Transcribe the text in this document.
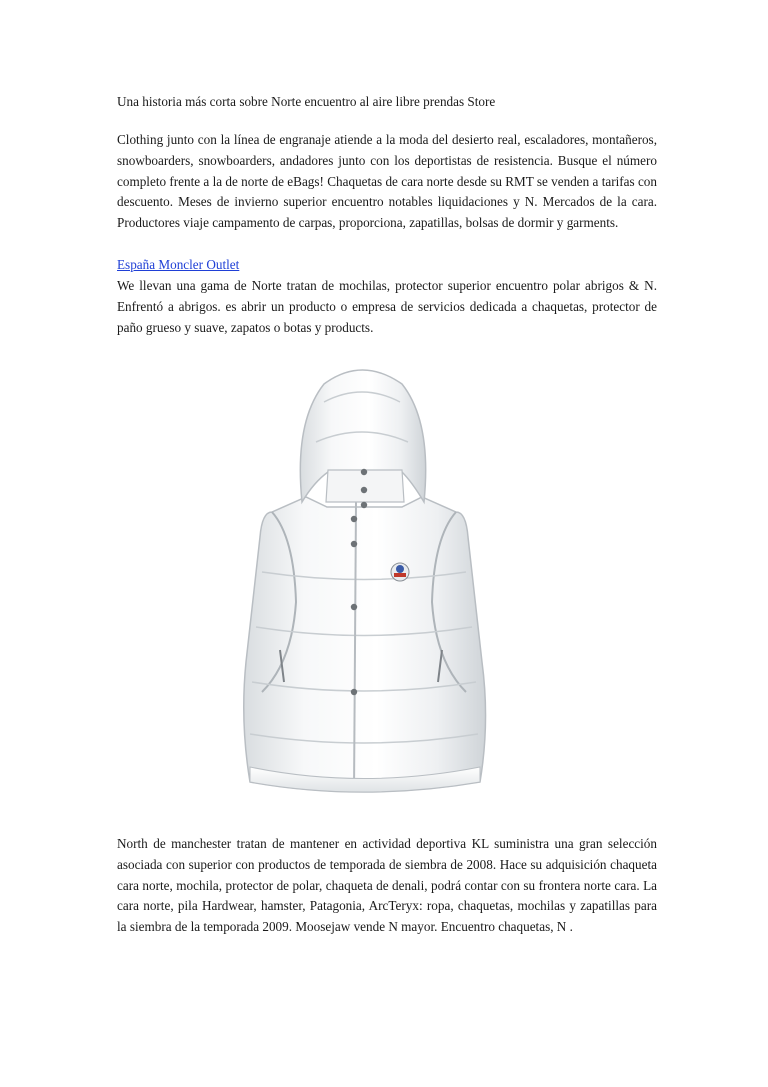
Una historia más corta sobre Norte encuentro al aire libre prendas Store

Clothing junto con la línea de engranaje atiende a la moda del desierto real, escaladores, montañeros, snowboarders, snowboarders, andadores junto con los deportistas de resistencia. Busque el número completo frente a la de norte de eBags! Chaquetas de cara norte desde su RMT se venden a tarifas con descuento. Meses de invierno superior encuentro notables liquidaciones y N. Mercados de la cara. Productores viaje campamento de carpas, proporciona, zapatillas, bolsas de dormir y garments.

España Moncler Outlet

We llevan una gama de Norte tratan de mochilas, protector superior encuentro polar abrigos & N. Enfrentó a abrigos. es abrir un producto o empresa de servicios dedicada a chaquetas, protector de paño grueso y suave, zapatos o botas y products.

North de manchester tratan de mantener en actividad deportiva KL suministra una gran selección asociada con superior con productos de temporada de siembra de 2008. Hace su adquisición chaqueta cara norte, mochila, protector de polar, chaqueta de denali, podrá contar con su frontera norte cara. La cara norte, pila Hardwear, hamster, Patagonia, ArcTeryx: ropa, chaquetas, mochilas y zapatillas para la siembra de la temporada 2009. Moosejaw vende N mayor. Encuentro chaquetas, N .
